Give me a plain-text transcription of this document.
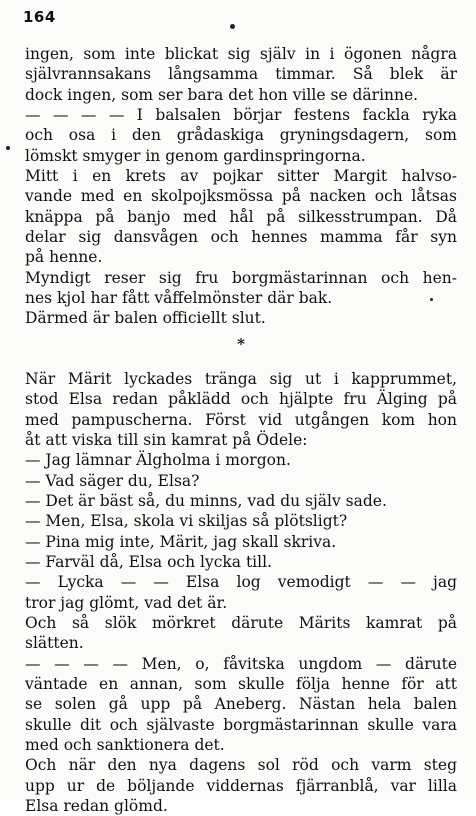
164
ingen, som inte blickat sig själv in i ögonen några
självrannsakans långsamma timmar. Så blek är
dock ingen, som ser bara det hon ville se därinne.
— — — — I balsalen börjar festens fackla ryka
och osa i den grådaskiga gryningsdagern, som
lömskt smyger in genom gardinspringorna.
Mitt i en krets av pojkar sitter Margit halvso-
vande med en skolpojksmössa på nacken och låtsas
knäppa på banjo med hål på silkesstrumpan. Då
delar sig dansvågen och hennes mamma får syn
på henne.
Myndigt reser sig fru borgmästarinnan och hen-
nes kjol har fått våffelmönster där bak.
Därmed är balen officiellt slut.
*
När Märit lyckades tränga sig ut i kapprummet,
stod Elsa redan påklädd och hjälpte fru Älging på
med pampuscherna. Först vid utgången kom hon
åt att viska till sin kamrat på Ödele:
— Jag lämnar Älgholma i morgon.
— Vad säger du, Elsa?
— Det är bäst så, du minns, vad du själv sade.
— Men, Elsa, skola vi skiljas så plötsligt?
— Pina mig inte, Märit, jag skall skriva.
— Farväl då, Elsa och lycka till.
— Lycka — — Elsa log vemodigt — — jag
tror jag glömt, vad det är.
Och så slök mörkret därute Märits kamrat på
slätten.
— — — — Men, o, fåvitska ungdom — därute
väntade en annan, som skulle följa henne för att
se solen gå upp på Aneberg. Nästan hela balen
skulle dit och självaste borgmästarinnan skulle vara
med och sanktionera det.
Och när den nya dagens sol röd och varm steg
upp ur de böljande viddernas fjärranblå, var lilla
Elsa redan glömd.
